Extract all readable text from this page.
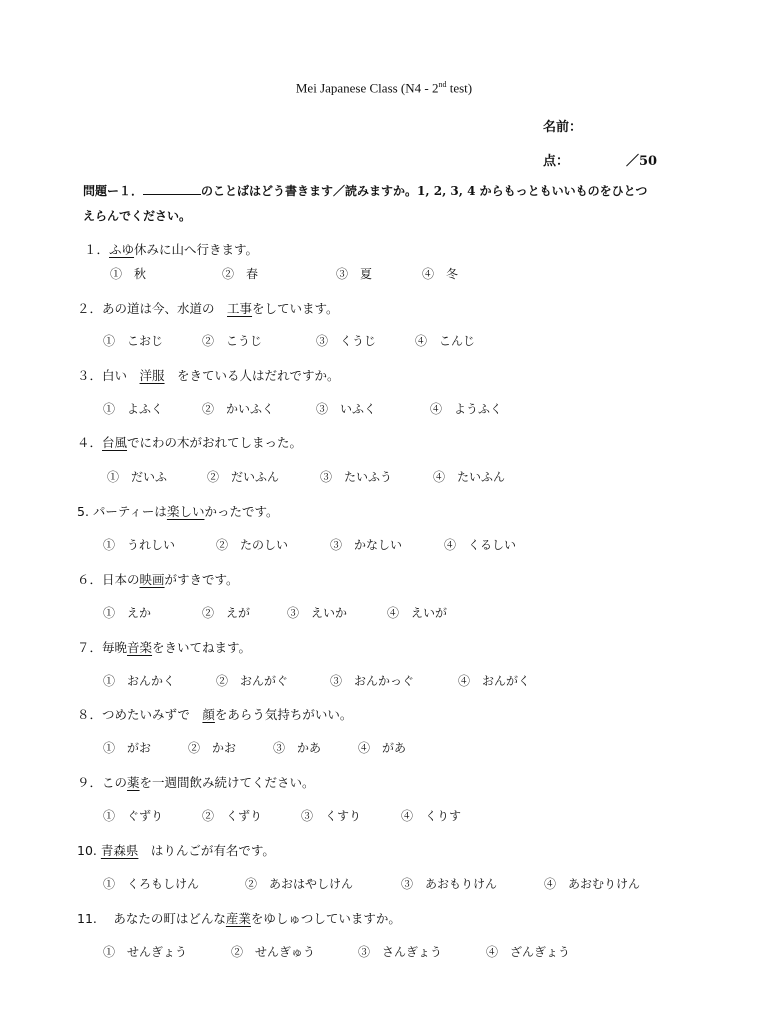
Mei Japanese Class (N4 - 2nd test)
名前：
点：	／50
問題ー１．	のことばはどう書きます／読みますか。1, 2, 3, 4 からもっともいいものをひとつ
えらんでください。
１．ふゆ休みに山へ行きます。
①　秋	②　春	③　夏	④　冬
２．あの道は今、水道の　工事をしています。
①　こおじ	②　こうじ	③　くうじ	④　こんじ
３．白い　洋服　をきている人はだれですか。
①　よふく	②　かいふく	③　いふく	④　ようふく
４．台風でにわの木がおれてしまった。
①　だいふ	②　だいふん	③　たいふう	④　たいふん
5. パーティーは楽しいかったです。
①　うれしい	②　たのしい	③　かなしい	④　くるしい
６．日本の映画がすきです。
①　えか	②　えが	③　えいか	④　えいが
７．毎晩音楽をきいてねます。
①　おんかく	②　おんがぐ	③　おんかっぐ	④　おんがく
８．つめたいみずで　顔をあらう気持ちがいい。
①　がお	②　かお	③　かあ	④　があ
９．この薬を一週間飲み続けてください。
①　ぐずり	②　くずり	③　くすり	④　くりす
10. 青森県　はりんごが有名です。
①　くろもしけん	②　あおはやしけん	③　あおもりけん	④　あおむりけん
11.　 あなたの町はどんな産業をゆしゅつしていますか。
①　せんぎょう	②　せんぎゅう	③　さんぎょう	④　ざんぎょう
